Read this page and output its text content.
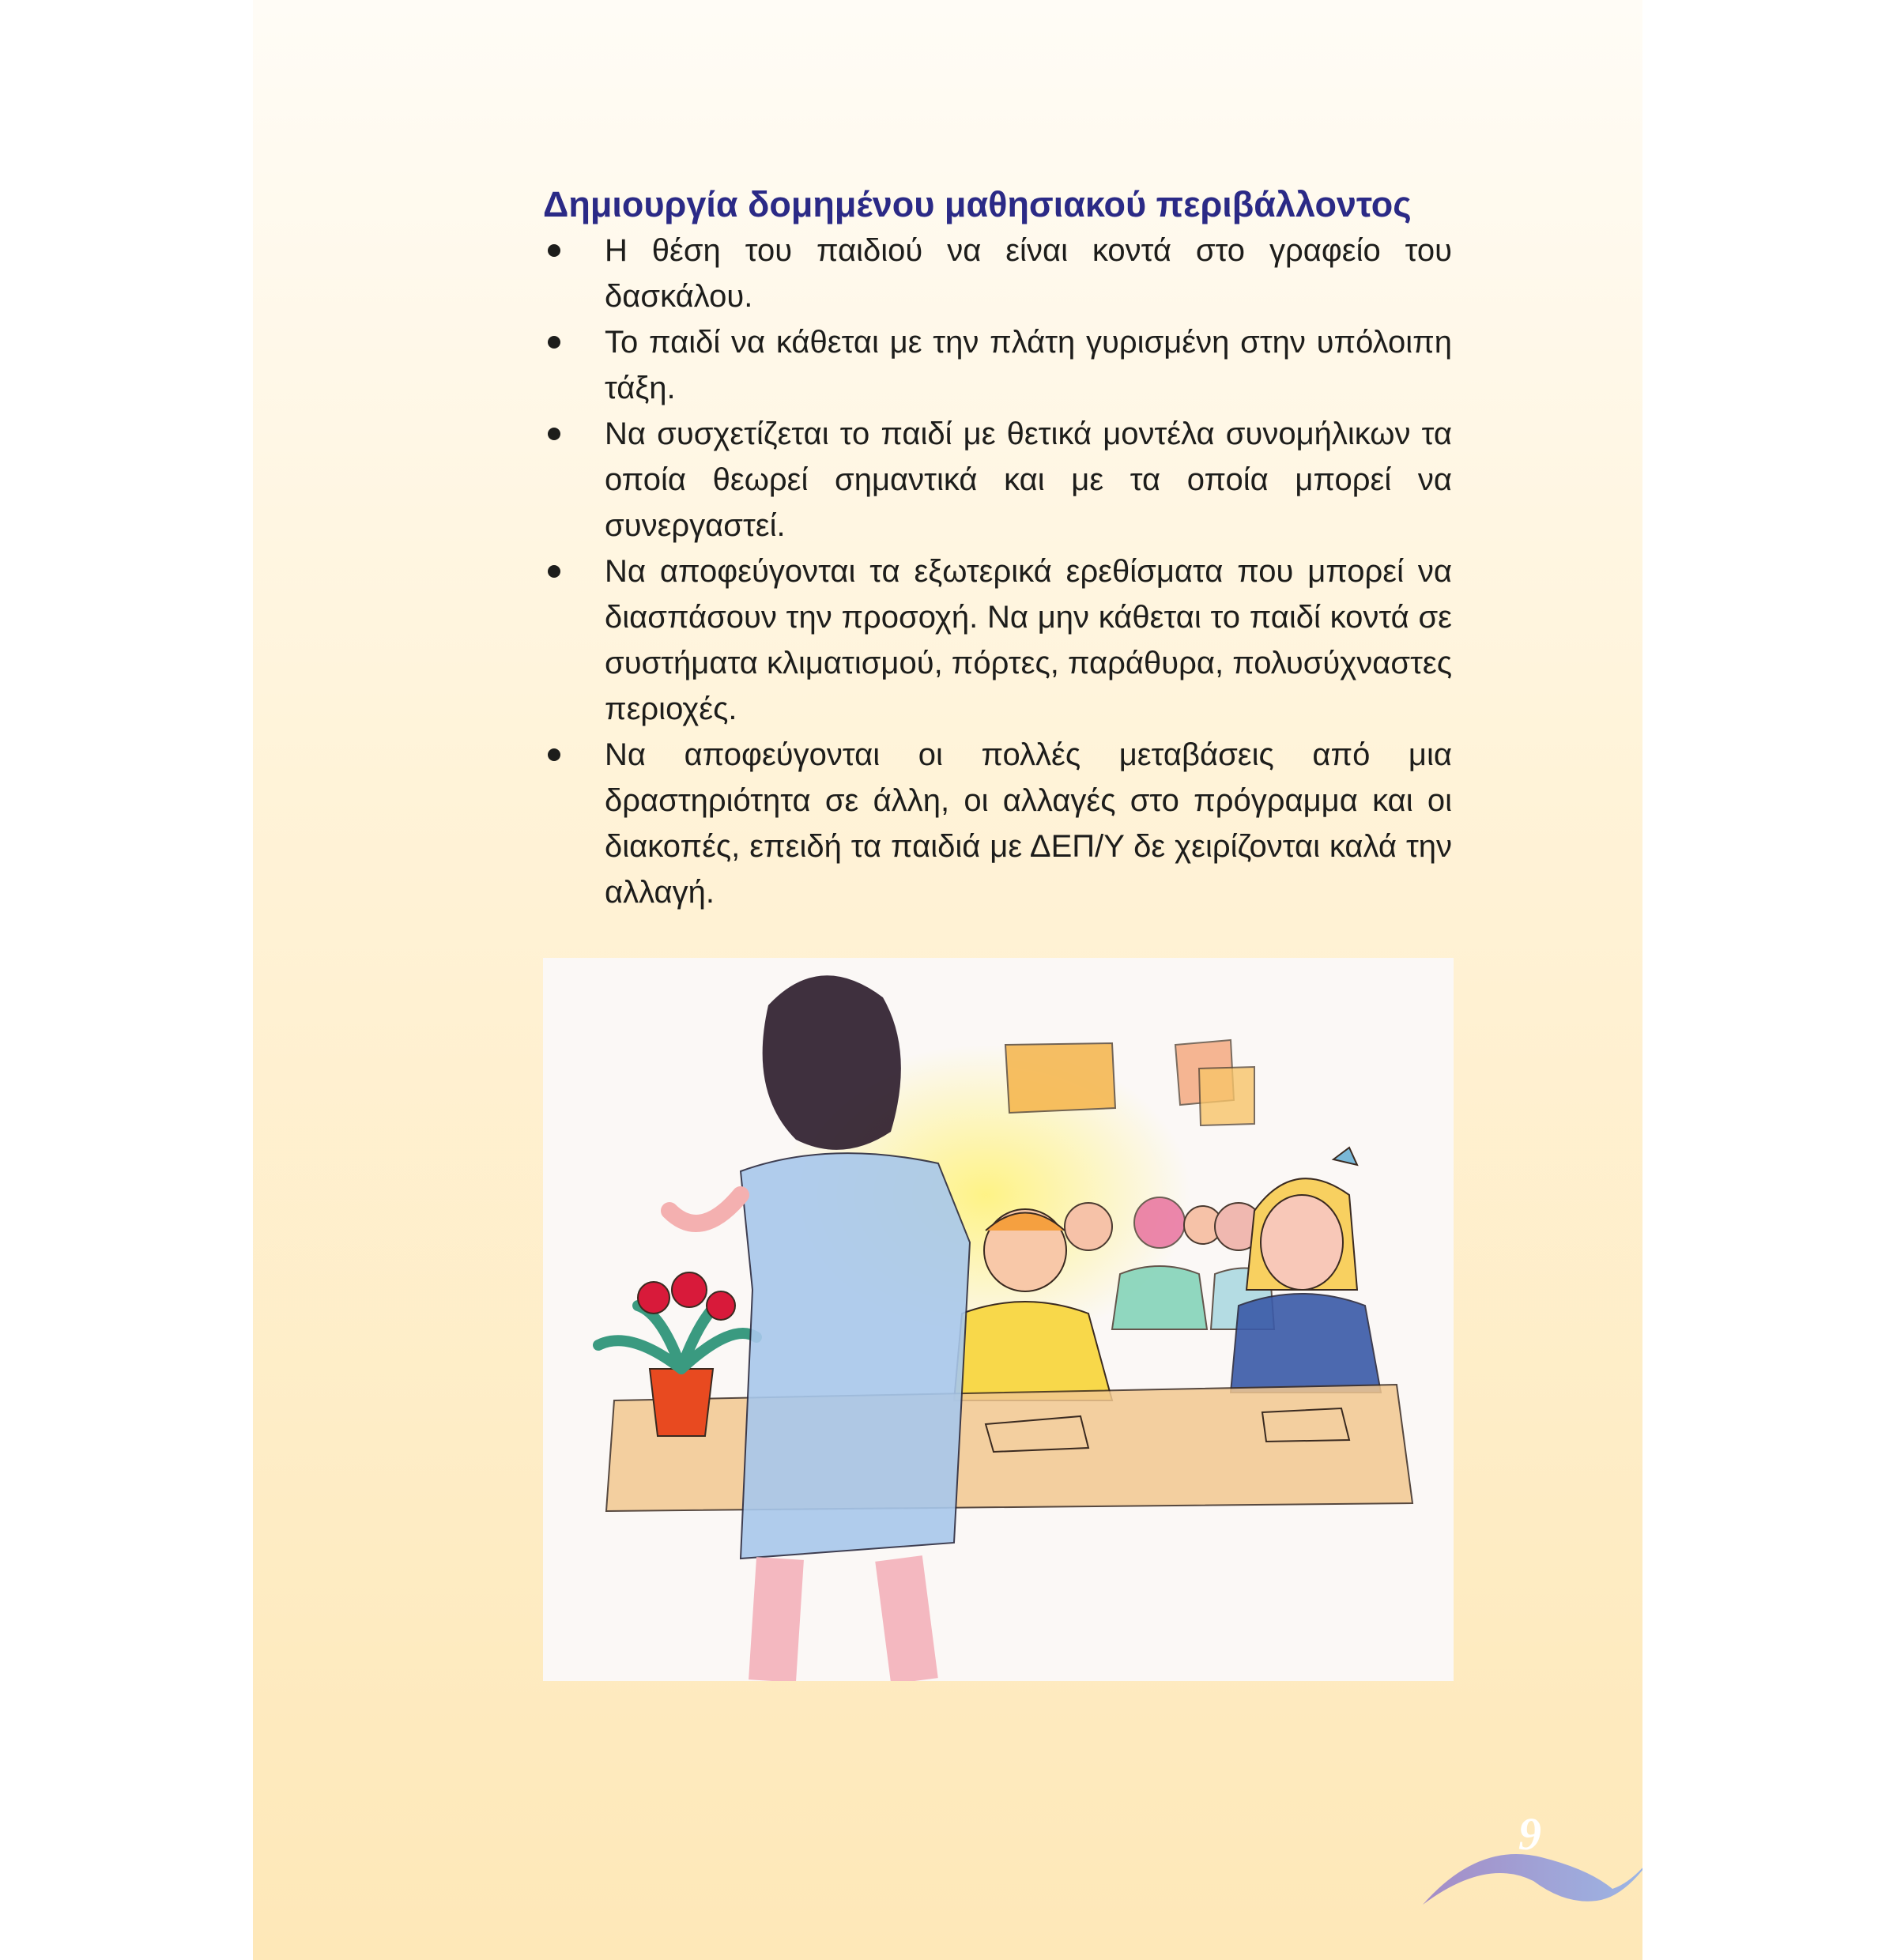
Δημιουργία δομημένου μαθησιακού περιβάλλοντος
Η θέση του παιδιού να είναι κοντά στο γραφείο του δασκάλου.
Το παιδί να κάθεται με την πλάτη γυρισμένη στην υπόλοιπη τάξη.
Να συσχετίζεται το παιδί με θετικά μοντέλα συνομήλικων τα οποία θεωρεί σημαντικά και με τα οποία μπορεί να συνεργαστεί.
Να αποφεύγονται τα εξωτερικά ερεθίσματα που μπορεί να διασπάσουν την προσοχή. Να μην κάθεται το παιδί κοντά σε συστήματα κλιματισμού, πόρτες, παράθυρα, πολυσύχναστες περιοχές.
Να αποφεύγονται οι πολλές μεταβάσεις από μια δραστηριότητα σε άλλη, οι αλλαγές στο πρόγραμμα και οι διακοπές, επειδή τα παιδιά με ΔΕΠ/Υ δε χειρίζονται καλά την αλλαγή.
9
